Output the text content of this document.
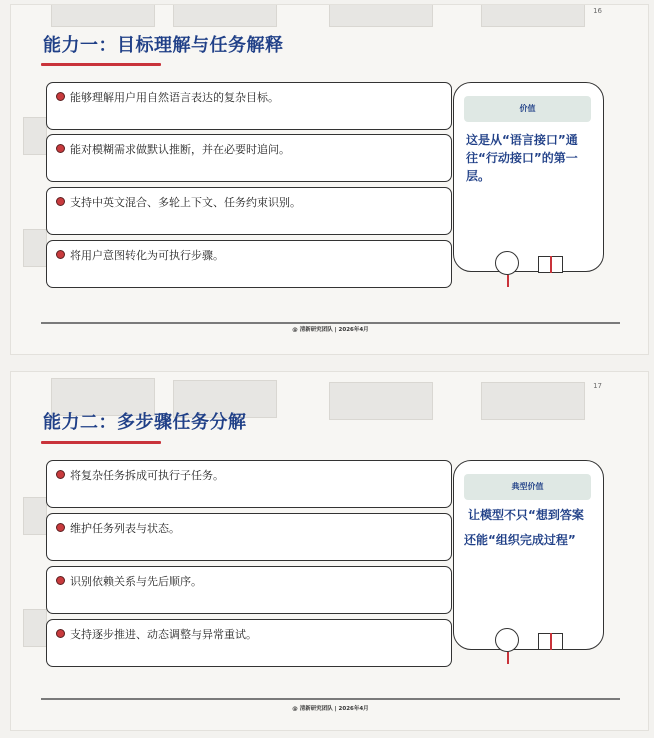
16
能力一：目标理解与任务解释
能够理解用户用自然语言表达的复杂目标。
能对模糊需求做默认推断，并在必要时追问。
支持中英文混合、多轮上下文、任务约束识别。
将用户意图转化为可执行步骤。
价值
这是从“语言接口”通
往“行动接口”的第一
层。
@ 清新研究团队 | 2026年4月
17
能力二：多步骤任务分解
将复杂任务拆成可执行子任务。
维护任务列表与状态。
识别依赖关系与先后顺序。
支持逐步推进、动态调整与异常重试。
典型价值
让模型不只“想到答案
还能“组织完成过程”
@ 清新研究团队 | 2026年4月
